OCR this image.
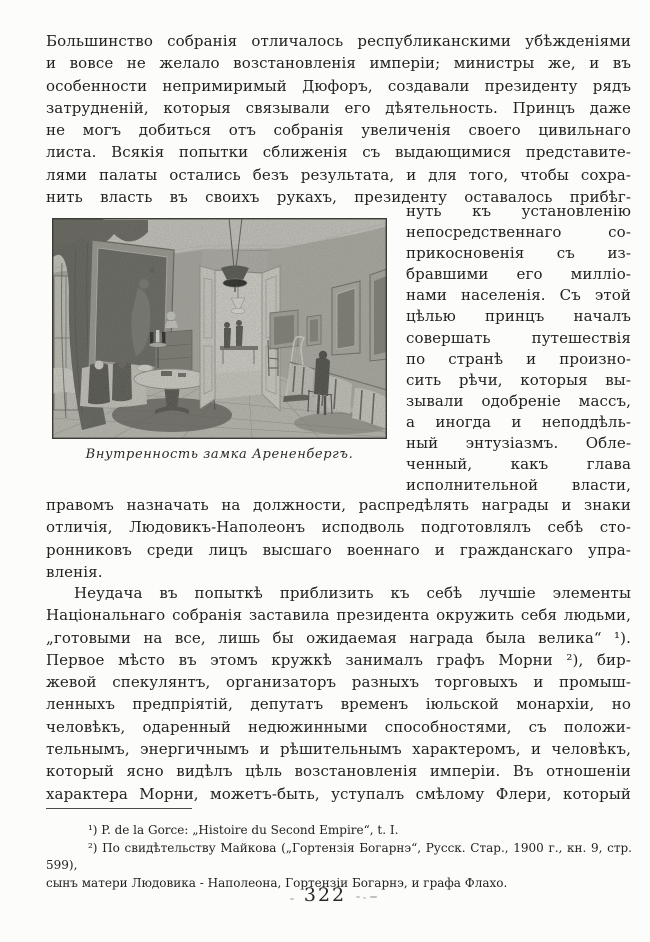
Большинство собранія отличалось республиканскими убѣжденіями
и вовсе не желало возстановленія имперіи; министры же, и въ
особенности непримиримый Дюфоръ, создавали президенту рядъ
затрудненій, которыя связывали его дѣятельность. Принцъ даже
не могъ добиться отъ собранія увеличенія своего цивильнаго
листа. Всякія попытки сближенія съ выдающимися представите-
лями палаты остались безъ результата, и для того, чтобы сохра-
нить власть въ своихъ рукахъ, президенту оставалось прибѣг-
Внутренность замка Арененбергъ.
нуть къ установленію
непосредственнаго со-
прикосновенія съ из-
бравшими его милліо-
нами населенія. Съ этой
цѣлью принцъ началъ
совершать путешествія
по странѣ и произно-
сить рѣчи, которыя вы-
зывали одобреніе массъ,
а иногда и неподдѣль-
ный энтузіазмъ. Обле-
ченный, какъ глава
исполнительной власти,
правомъ назначать на должности, распредѣлять награды и знаки
отличія, Людовикъ-Наполеонъ исподволь подготовлялъ себѣ сто-
ронниковъ среди лицъ высшаго военнаго и гражданскаго упра-
вленія.
Неудача въ попыткѣ приблизить къ себѣ лучшіе элементы
Національнаго собранія заставила президента окружить себя людьми,
„готовыми на все, лишь бы ожидаемая награда была велика“ ¹).
Первое мѣсто въ этомъ кружкѣ занималъ графъ Морни ²), бир-
жевой спекулянтъ, организаторъ разныхъ торговыхъ и промыш-
ленныхъ предпріятій, депутатъ временъ іюльской монархіи, но
человѣкъ, одаренный недюжинными способностями, съ положи-
тельнымъ, энергичнымъ и рѣшительнымъ характеромъ, и человѣкъ,
который ясно видѣлъ цѣль возстановленія имперіи. Въ отношеніи
характера Морни, можетъ-быть, уступалъ смѣлому Флери, который
¹) P. de la Gorce: „Histoire du Second Empire“, t. I.
²) По свидѣтельству Майкова („Гортензія Богарнэ“, Русск. Стар., 1900 г., кн. 9, стр. 599),
сынъ матери Людовика - Наполеона, Гортензіи Богарнэ, и графа Флахо.
322
